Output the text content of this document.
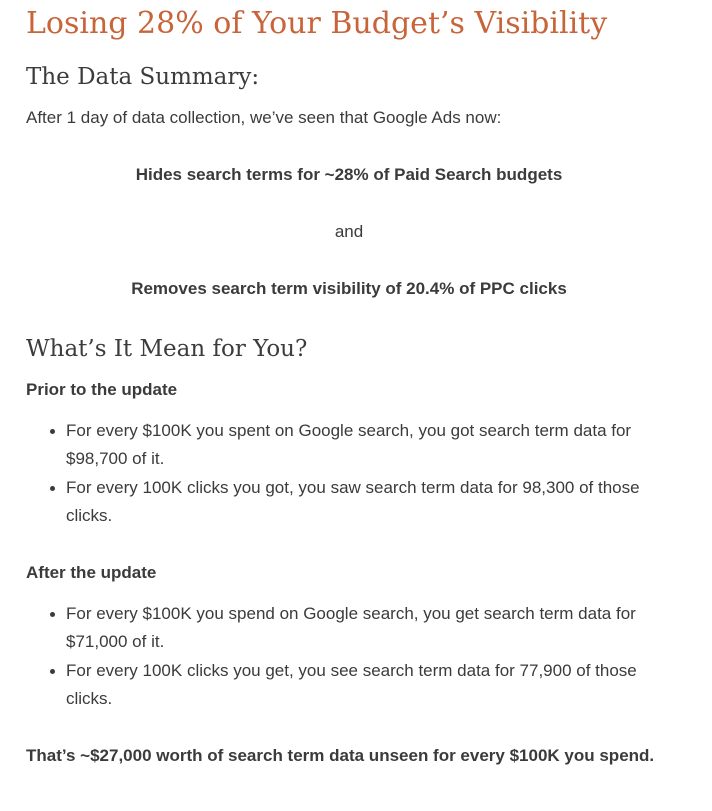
Losing 28% of Your Budget’s Visibility
The Data Summary:

After 1 day of data collection, we’ve seen that Google Ads now:

Hides search terms for ~28% of Paid Search budgets

and

Removes search term visibility of 20.4% of PPC clicks

What’s It Mean for You?

Prior to the update

For every $100K you spent on Google search, you got search term data for $98,700 of it.
For every 100K clicks you got, you saw search term data for 98,300 of those clicks.

After the update

For every $100K you spend on Google search, you get search term data for $71,000 of it.
For every 100K clicks you get, you see search term data for 77,900 of those clicks.

That’s ~$27,000 worth of search term data unseen for every $100K you spend.
